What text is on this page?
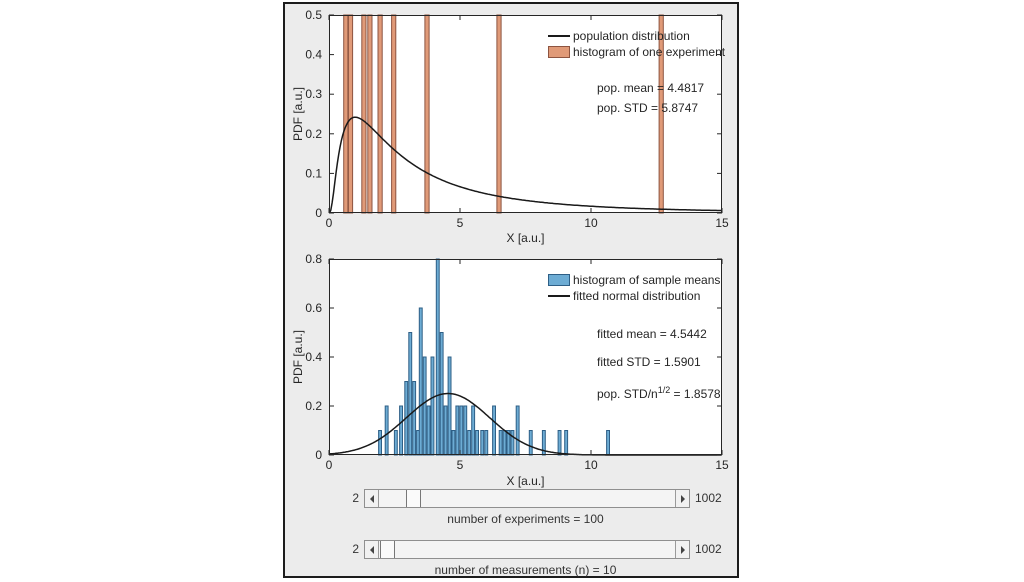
0	5	10	15
0
0.1
0.2
0.3
0.4
0.5
PDF [a.u.]
X [a.u.]
population distribution
histogram of one experiment
pop. mean = 4.4817
pop. STD = 5.8747
0	5	10	15
0
0.2
0.4
0.6
0.8
PDF [a.u.]
X [a.u.]
histogram of sample means
fitted normal distribution
fitted mean = 4.5442
fitted STD = 1.5901
pop. STD/$n^{1/2} = 1.8578$
2	1002
number of experiments = 100
2	1002
number of measurements (n) = 10
